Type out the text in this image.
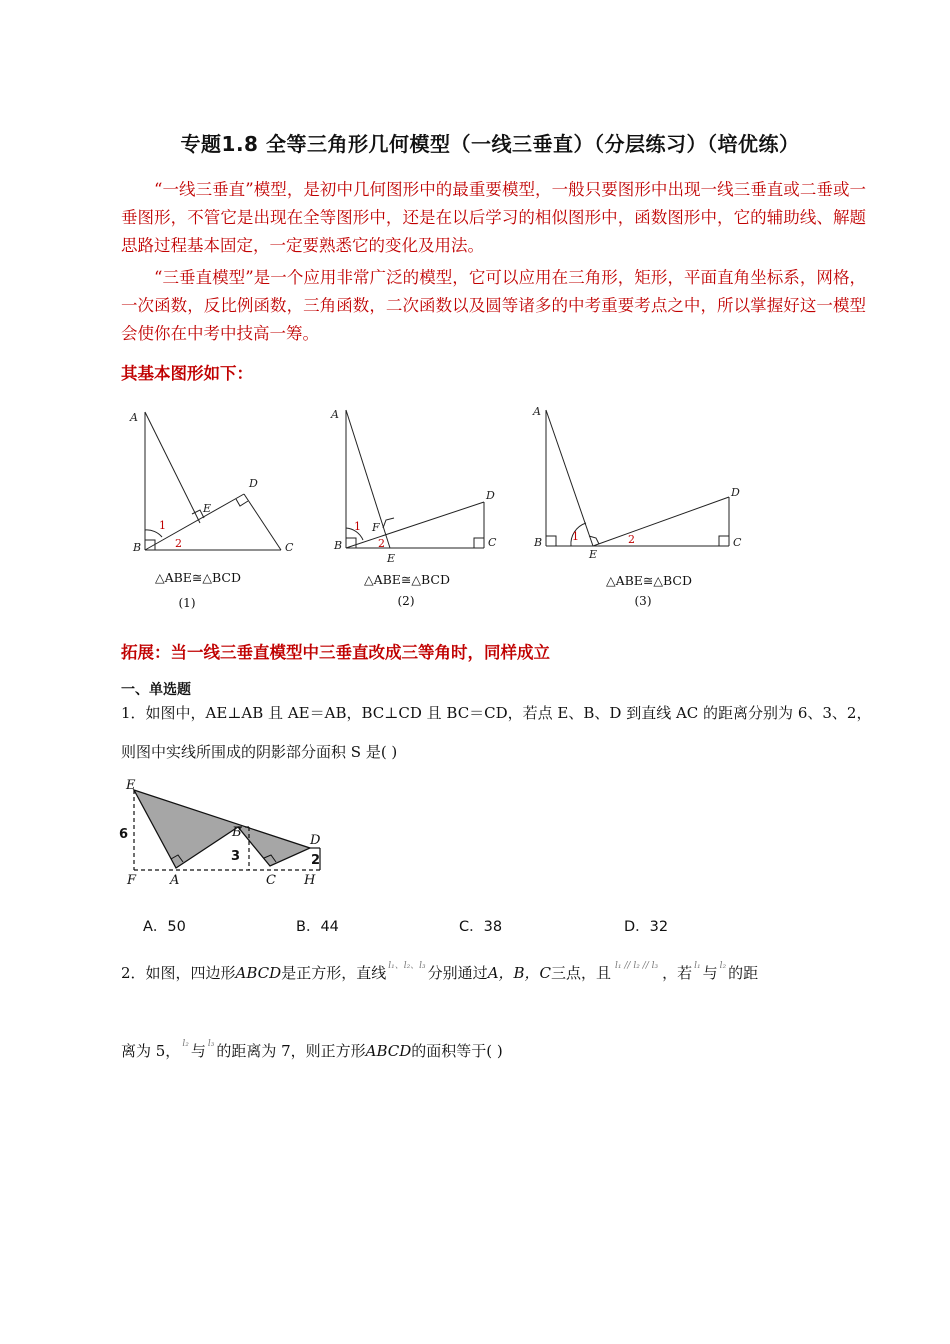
专题1.8 全等三角形几何模型（一线三垂直）（分层练习）（培优练）

“一线三垂直”模型，是初中几何图形中的最重要模型，一般只要图形中出现一线三垂直或二垂或一垂图形，不管它是出现在全等图形中，还是在以后学习的相似图形中，函数图形中，它的辅助线、解题思路过程基本固定，一定要熟悉它的变化及用法。

“三垂直模型”是一个应用非常广泛的模型，它可以应用在三角形，矩形，平面直角坐标系，网格，一次函数，反比例函数，三角函数，二次函数以及圆等诸多的中考重要考点之中，所以掌握好这一模型会使你在中考中技高一筹。

其基本图形如下：
A
B	C
D
E
A
B	C
D
E
F
A
B	C
D
E
1
2
1
2
1	2
E
B
D
F	A	C H
6
3	2
△ABE≅△BCD
(1)
△ABE≅△BCD
(2)
△ABE≅△BCD
(3)
拓展：当一线三垂直模型中三垂直改成三等角时，同样成立
一、单选题
1．如图中，AE⊥AB 且 AE＝AB，BC⊥CD 且 BC＝CD，若点 E、B、D 到直线 AC 的距离分别为 6、3、2，
则图中实线所围成的阴影部分面积 S 是( )
A．50	B．44	C．38	D．32
2．如图，四边形ABCD是正方形，直线 $^{l_1、l_2、l_3}$ 分别通过A，B，C三点，且 $^{l_1 // l_2 // l_3}$ ，若 $^{l_1}$ 与 $^{l_2}$ 的距
离为 5， $^{l_2}$ 与 $^{l_3}$ 的距离为 7，则正方形ABCD的面积等于( )
